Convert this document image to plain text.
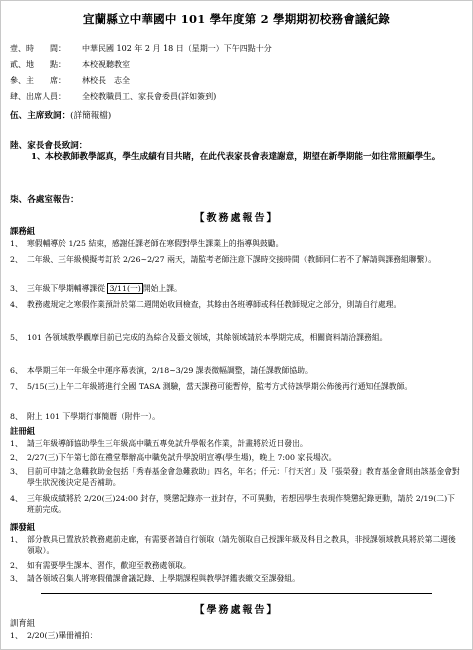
宜蘭縣立中華國中 101 學年度第 2 學期期初校務會議紀錄
壹、時　　間： 中華民國 102 年 2 月 18 日（星期一）下午四點十分
貳、地　　點： 本校視聽教室
參、主　　席： 林校長　志全
肆、出席人員： 全校教職員工、家長會委員(詳如簽到)
伍、主席致詞：(詳簡報檔)
陸、家長會長致詞：
1、 本校教師教學認真，學生成績有目共睹，在此代表家長會表達謝意，期望在新學期能一如往常照顧學生。
柒、各處室報告：
【教務處報告】
課務組
1、 寒假輔導於 1/25 結束，感謝任課老師在寒假對學生課業上的指導與鼓勵。
2、 二年級、三年級模擬考訂於 2/26~2/27 兩天，請監考老師注意下課時交接時間（教師同仁若不了解請與課務組聯繫）。
3、 三年級下學期輔導課從 3/11(一) 開始上課。
4、 教務處規定之寒假作業預計於第二週開始收回檢查，其餘由各班導師或科任教師規定之部分，則請自行處理。
5、 101 各領域教學觀摩目前已完成的為綜合及藝文領域，其餘領域請於本學期完成，相關資料請洽課務組。
6、 本學期三年一年級全中運序幕表演，2/18~3/29 課表微幅調整，請任課教師協助。
7、 5/15(三)上午二年級將進行全國 TASA 測驗，當天課務可能暫停，監考方式待該學期公佈後再行通知任課教師。
8、 附上 101 下學期行事簡曆（附件一）。
註冊組
1、 請三年級導師協助學生三年級高中職五專免試升學報名作業，計畫將於近日發出。
2、 2/27(三)下午第七節在禮堂舉辦高中職免試升學說明宣導(學生場)，晚上 7:00 家長場次。
3、 目前可申請之急難救助金包括「秀春基金會急難救助」四名，年名；仟元：「行天宮」及「張榮發」教育基金會則由該基金會對學生狀況後決定是否補助。
4、 三年級成績將於 2/20(三)24:00 封存，獎懲記錄亦一並封存，不可異動，若想因學生表現作獎懲紀錄更動，請於 2/19(二)下班前完成。
課發組
1、 部分教具已置放於教務處前走廊，有需要者請自行領取（請先領取自己授課年級及科目之教具，非授課領域教具將於第二週後領取）。
2、 如有需要學生課本、習作，歡迎至教務處領取。
3、 請各領域召集人將寒假備課會議記錄、上學期課程與教學評鑑表繳交至課發組。
【學務處報告】
訓育組
1、 2/20(三)畢冊補拍：
